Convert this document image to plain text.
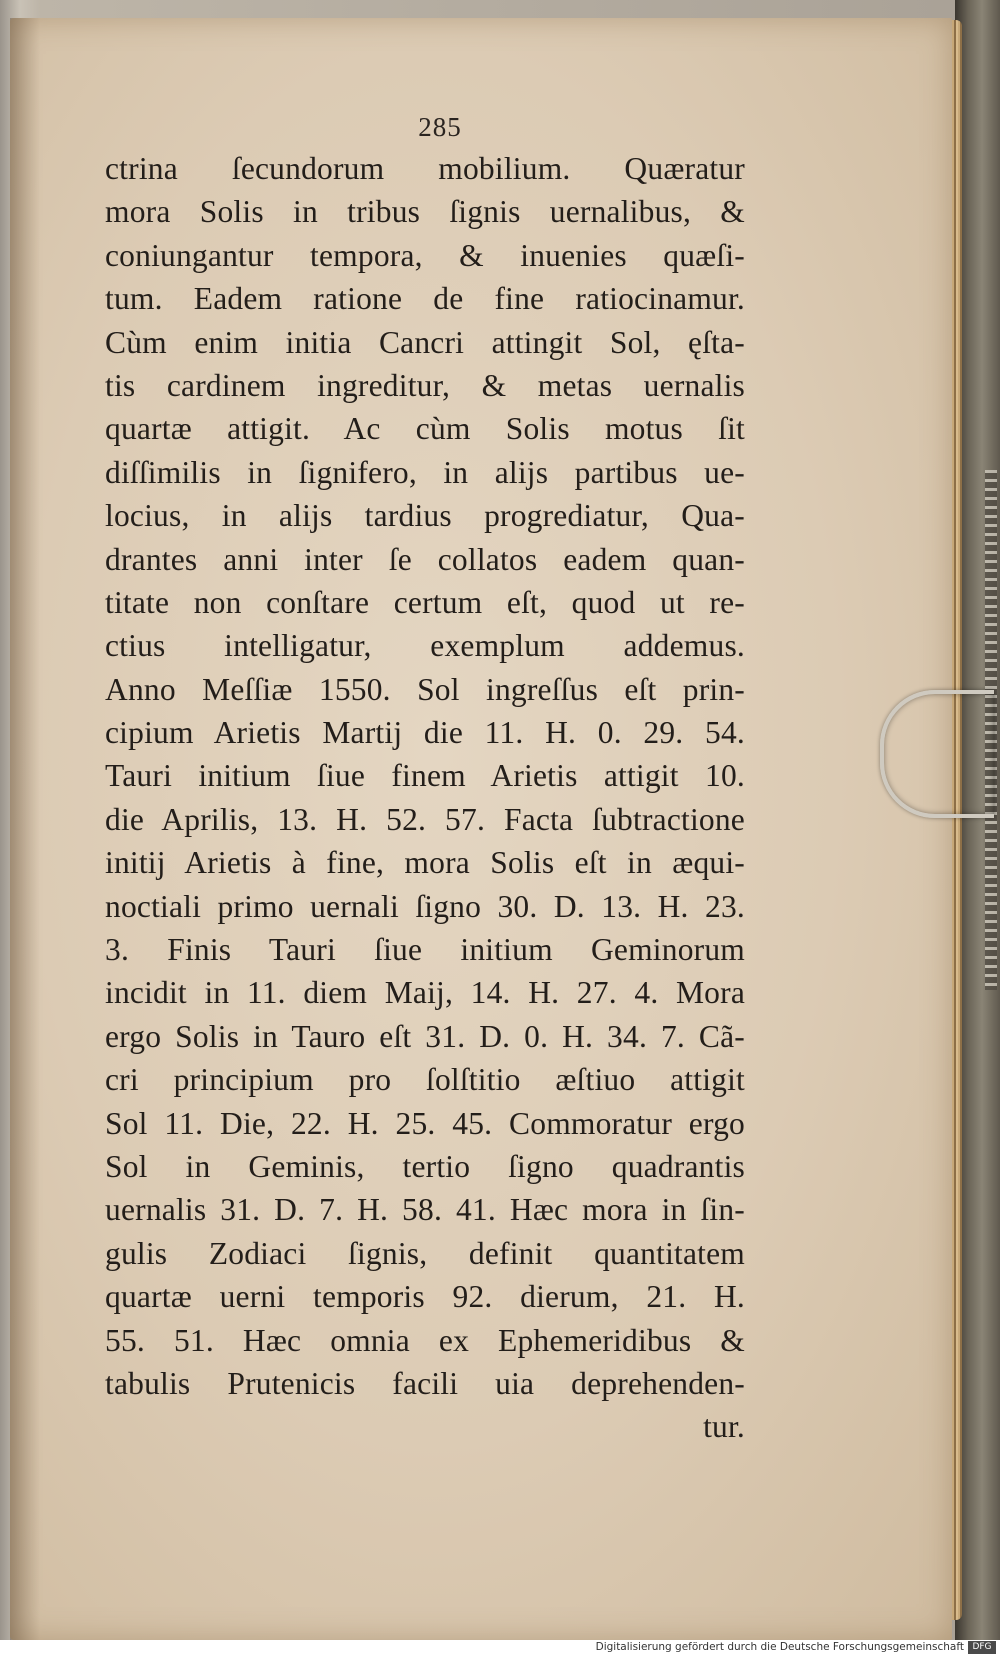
285
ctrina ſecundorum mobilium. Quæratur
mora Solis in tribus ſignis uernalibus, &
coniungantur tempora, & inuenies quæſi-
tum. Eadem ratione de fine ratiocinamur.
Cùm enim initia Cancri attingit Sol, ęſta-
tis cardinem ingreditur, & metas uernalis
quartæ attigit. Ac cùm Solis motus ſit
diſſimilis in ſignifero, in alijs partibus ue-
locius, in alijs tardius progrediatur, Qua-
drantes anni inter ſe collatos eadem quan-
titate non conſtare certum eſt, quod ut re-
ctius intelligatur, exemplum addemus.
Anno Meſſiæ 1550. Sol ingreſſus eſt prin-
cipium Arietis Martij die 11. H. 0. 29. 54.
Tauri initium ſiue finem Arietis attigit 10.
die Aprilis, 13. H. 52. 57. Facta ſubtractione
initij Arietis à fine, mora Solis eſt in æqui-
noctiali primo uernali ſigno 30. D. 13. H. 23.
3. Finis Tauri ſiue initium Geminorum
incidit in 11. diem Maij, 14. H. 27. 4. Mora
ergo Solis in Tauro eſt 31. D. 0. H. 34. 7. Cã-
cri principium pro ſolſtitio æſtiuo attigit
Sol 11. Die, 22. H. 25. 45. Commoratur ergo
Sol in Geminis, tertio ſigno quadrantis
uernalis 31. D. 7. H. 58. 41. Hæc mora in ſin-
gulis Zodiaci ſignis, definit quantitatem
quartæ uerni temporis 92. dierum, 21. H.
55. 51. Hæc omnia ex Ephemeridibus &
tabulis Prutenicis facili uia deprehenden-
tur.
Digitalisierung gefördert durch die Deutsche Forschungsgemeinschaft DFG
